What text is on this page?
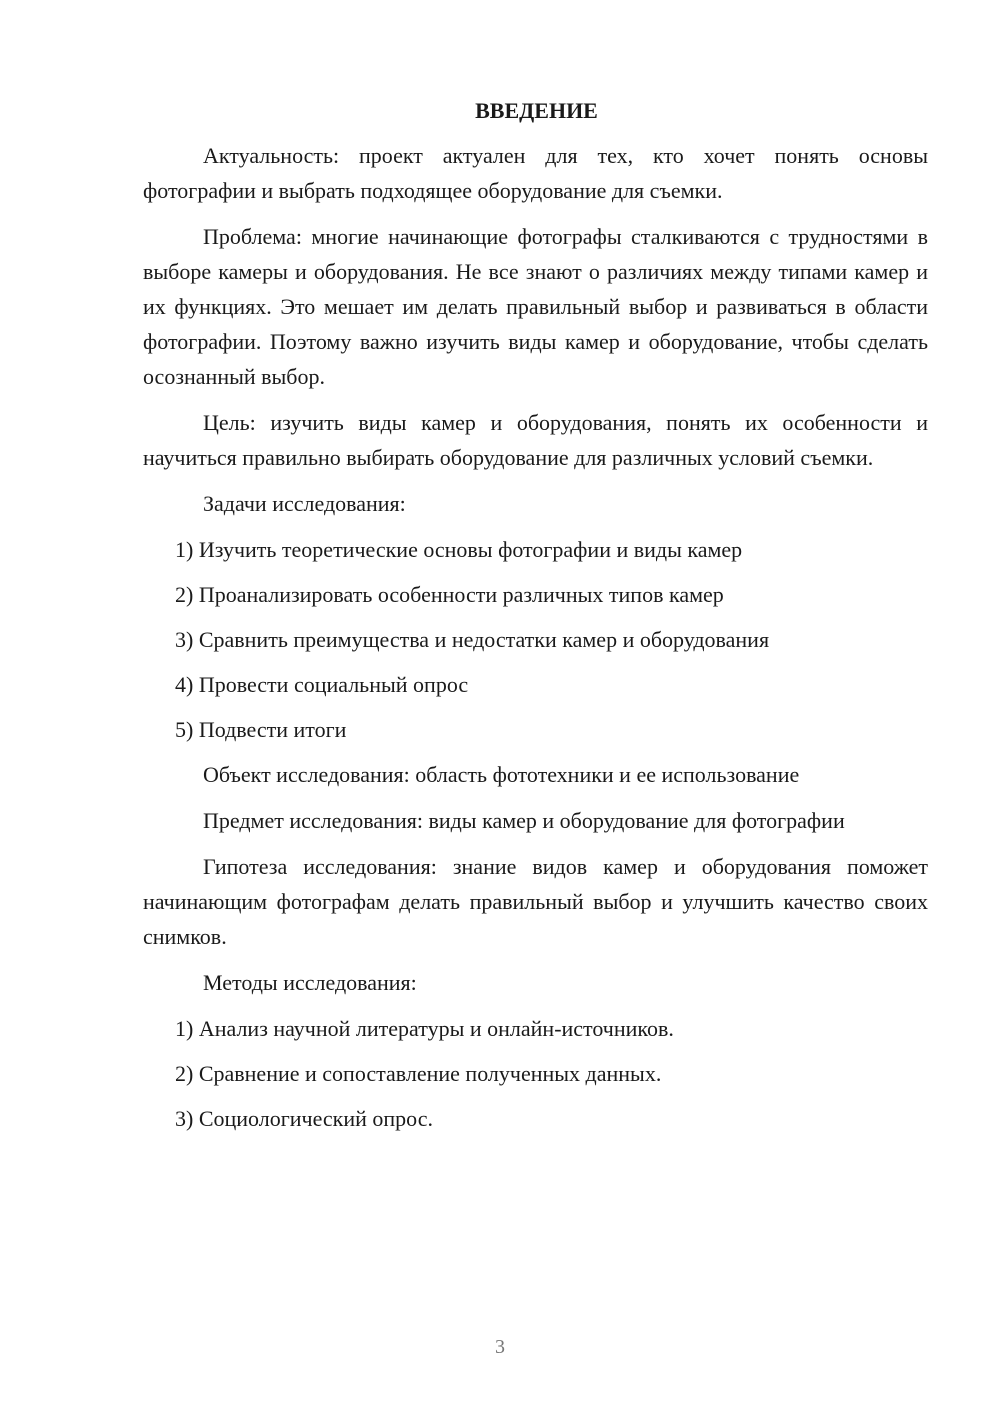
ВВЕДЕНИЕ

Актуальность: проект актуален для тех, кто хочет понять основы фотографии и выбрать подходящее оборудование для съемки.

Проблема: многие начинающие фотографы сталкиваются с трудностями в выборе камеры и оборудования. Не все знают о различиях между типами камер и их функциях. Это мешает им делать правильный выбор и развиваться в области фотографии. Поэтому важно изучить виды камер и оборудование, чтобы сделать осознанный выбор.

Цель: изучить виды камер и оборудования, понять их особенности и научиться правильно выбирать оборудование для различных условий съемки.

Задачи исследования:

1) Изучить теоретические основы фотографии и виды камер
2) Проанализировать особенности различных типов камер
3) Сравнить преимущества и недостатки камер и оборудования
4) Провести социальный опрос
5) Подвести итоги

Объект исследования: область фототехники и ее использование

Предмет исследования: виды камер и оборудование для фотографии

Гипотеза исследования: знание видов камер и оборудования поможет начинающим фотографам делать правильный выбор и улучшить качество своих снимков.

Методы исследования:

1) Анализ научной литературы и онлайн-источников.
2) Сравнение и сопоставление полученных данных.
3) Социологический опрос.
3
